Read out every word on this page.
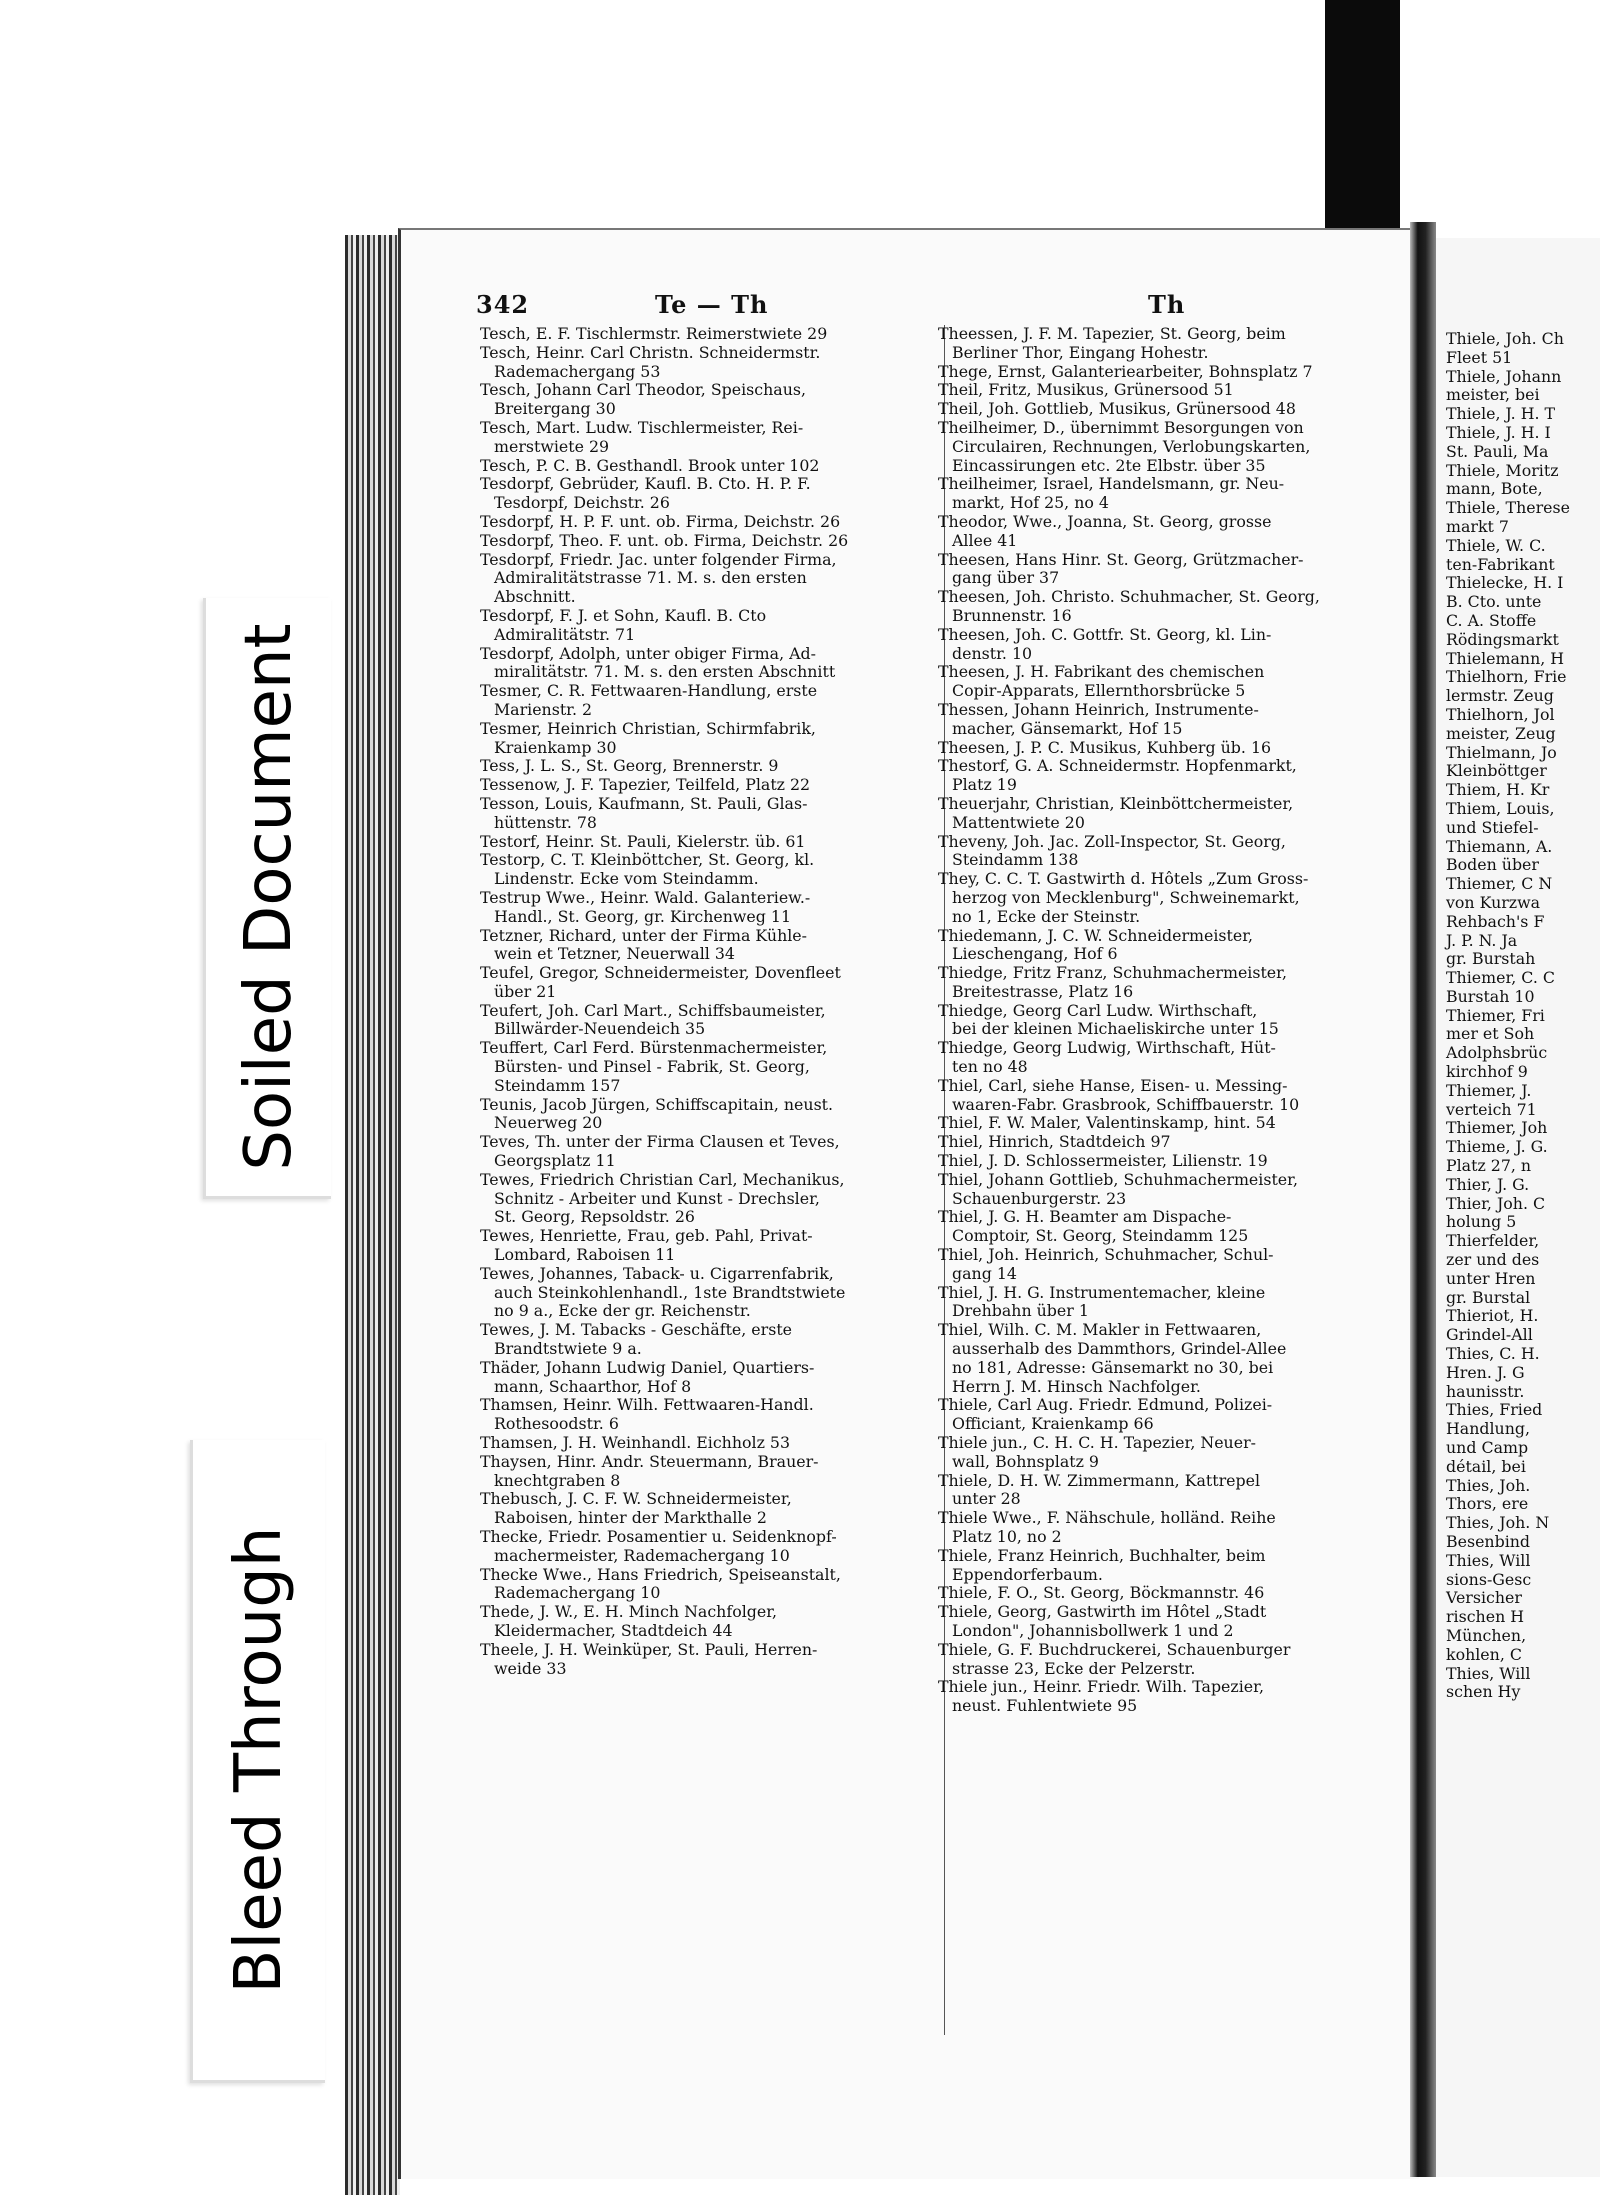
Thiele, Joh. Ch
Fleet 51
Thiele, Johann
meister, bei
Thiele, J. H. T
Thiele, J. H. I
St. Pauli, Ma
Thiele, Moritz
mann, Bote,
Thiele, Therese
markt 7
Thiele, W. C.
ten-Fabrikant
Thielecke, H. I
B. Cto. unte
C. A. Stoffe
Rödingsmarkt
Thielemann, H
Thielhorn, Frie
lermstr. Zeug
Thielhorn, Jol
meister, Zeug
Thielmann, Jo
Kleinböttger
Thiem, H. Kr
Thiem, Louis,
und Stiefel-
Thiemann, A.
Boden über
Thiemer, C N
von Kurzwa
Rehbach's F
J. P. N. Ja
gr. Burstah
Thiemer, C. C
Burstah 10
Thiemer, Fri
mer et Soh
Adolphsbrüc
kirchhof 9
Thiemer, J.
verteich 71
Thiemer, Joh
Thieme, J. G.
Platz 27, n
Thier, J. G.
Thier, Joh. C
holung 5
Thierfelder,
zer und des
unter Hren
gr. Burstal
Thieriot, H.
Grindel-All
Thies, C. H.
Hren. J. G
haunisstr.
Thies, Fried
Handlung,
und Camp
détail, bei
Thies, Joh.
Thors, ere
Thies, Joh. N
Besenbind
Thies, Will
sions-Gesc
Versicher
rischen H
München,
kohlen, C
Thies, Will
schen Hy
Soiled Document
Bleed Through
342	Te — Th	Th
Tesch, E. F. Tischlermstr. Reimerstwiete 29
Tesch, Heinr. Carl Christn. Schneidermstr.
Rademachergang 53
Tesch, Johann Carl Theodor, Speischaus,
Breitergang 30
Tesch, Mart. Ludw. Tischlermeister, Rei-
merstwiete 29
Tesch, P. C. B. Gesthandl. Brook unter 102
Tesdorpf, Gebrüder, Kaufl. B. Cto. H. P. F.
Tesdorpf, Deichstr. 26
Tesdorpf, H. P. F. unt. ob. Firma, Deichstr. 26
Tesdorpf, Theo. F. unt. ob. Firma, Deichstr. 26
Tesdorpf, Friedr. Jac. unter folgender Firma,
Admiralitätstrasse 71. M. s. den ersten
Abschnitt.
Tesdorpf, F. J. et Sohn, Kaufl. B. Cto
Admiralitätstr. 71
Tesdorpf, Adolph, unter obiger Firma, Ad-
miralitätstr. 71. M. s. den ersten Abschnitt
Tesmer, C. R. Fettwaaren-Handlung, erste
Marienstr. 2
Tesmer, Heinrich Christian, Schirmfabrik,
Kraienkamp 30
Tess, J. L. S., St. Georg, Brennerstr. 9
Tessenow, J. F. Tapezier, Teilfeld, Platz 22
Tesson, Louis, Kaufmann, St. Pauli, Glas-
hüttenstr. 78
Testorf, Heinr. St. Pauli, Kielerstr. üb. 61
Testorp, C. T. Kleinböttcher, St. Georg, kl.
Lindenstr. Ecke vom Steindamm.
Testrup Wwe., Heinr. Wald. Galanteriew.-
Handl., St. Georg, gr. Kirchenweg 11
Tetzner, Richard, unter der Firma Kühle-
wein et Tetzner, Neuerwall 34
Teufel, Gregor, Schneidermeister, Dovenfleet
über 21
Teufert, Joh. Carl Mart., Schiffsbaumeister,
Billwärder-Neuendeich 35
Teuffert, Carl Ferd. Bürstenmachermeister,
Bürsten- und Pinsel - Fabrik, St. Georg,
Steindamm 157
Teunis, Jacob Jürgen, Schiffscapitain, neust.
Neuerweg 20
Teves, Th. unter der Firma Clausen et Teves,
Georgsplatz 11
Tewes, Friedrich Christian Carl, Mechanikus,
Schnitz - Arbeiter und Kunst - Drechsler,
St. Georg, Repsoldstr. 26
Tewes, Henriette, Frau, geb. Pahl, Privat-
Lombard, Raboisen 11
Tewes, Johannes, Taback- u. Cigarrenfabrik,
auch Steinkohlenhandl., 1ste Brandtstwiete
no 9 a., Ecke der gr. Reichenstr.
Tewes, J. M. Tabacks - Geschäfte, erste
Brandtstwiete 9 a.
Thäder, Johann Ludwig Daniel, Quartiers-
mann, Schaarthor, Hof 8
Thamsen, Heinr. Wilh. Fettwaaren-Handl.
Rothesoodstr. 6
Thamsen, J. H. Weinhandl. Eichholz 53
Thaysen, Hinr. Andr. Steuermann, Brauer-
knechtgraben 8
Thebusch, J. C. F. W. Schneidermeister,
Raboisen, hinter der Markthalle 2
Thecke, Friedr. Posamentier u. Seidenknopf-
machermeister, Rademachergang 10
Thecke Wwe., Hans Friedrich, Speiseanstalt,
Rademachergang 10
Thede, J. W., E. H. Minch Nachfolger,
Kleidermacher, Stadtdeich 44
Theele, J. H. Weinküper, St. Pauli, Herren-
weide 33
Theessen, J. F. M. Tapezier, St. Georg, beim
Berliner Thor, Eingang Hohestr.
Thege, Ernst, Galanteriearbeiter, Bohnsplatz 7
Theil, Fritz, Musikus, Grünersood 51
Theil, Joh. Gottlieb, Musikus, Grünersood 48
Theilheimer, D., übernimmt Besorgungen von
Circulairen, Rechnungen, Verlobungskarten,
Eincassirungen etc. 2te Elbstr. über 35
Theilheimer, Israel, Handelsmann, gr. Neu-
markt, Hof 25, no 4
Theodor, Wwe., Joanna, St. Georg, grosse
Allee 41
Theesen, Hans Hinr. St. Georg, Grützmacher-
gang über 37
Theesen, Joh. Christo. Schuhmacher, St. Georg,
Brunnenstr. 16
Theesen, Joh. C. Gottfr. St. Georg, kl. Lin-
denstr. 10
Theesen, J. H. Fabrikant des chemischen
Copir-Apparats, Ellernthorsbrücke 5
Thessen, Johann Heinrich, Instrumente-
macher, Gänsemarkt, Hof 15
Theesen, J. P. C. Musikus, Kuhberg üb. 16
Thestorf, G. A. Schneidermstr. Hopfenmarkt,
Platz 19
Theuerjahr, Christian, Kleinböttchermeister,
Mattentwiete 20
Theveny, Joh. Jac. Zoll-Inspector, St. Georg,
Steindamm 138
They, C. C. T. Gastwirth d. Hôtels „Zum Gross-
herzog von Mecklenburg", Schweinemarkt,
no 1, Ecke der Steinstr.
Thiedemann, J. C. W. Schneidermeister,
Lieschengang, Hof 6
Thiedge, Fritz Franz, Schuhmachermeister,
Breitestrasse, Platz 16
Thiedge, Georg Carl Ludw. Wirthschaft,
bei der kleinen Michaeliskirche unter 15
Thiedge, Georg Ludwig, Wirthschaft, Hüt-
ten no 48
Thiel, Carl, siehe Hanse, Eisen- u. Messing-
waaren-Fabr. Grasbrook, Schiffbauerstr. 10
Thiel, F. W. Maler, Valentinskamp, hint. 54
Thiel, Hinrich, Stadtdeich 97
Thiel, J. D. Schlossermeister, Lilienstr. 19
Thiel, Johann Gottlieb, Schuhmachermeister,
Schauenburgerstr. 23
Thiel, J. G. H. Beamter am Dispache-
Comptoir, St. Georg, Steindamm 125
Thiel, Joh. Heinrich, Schuhmacher, Schul-
gang 14
Thiel, J. H. G. Instrumentemacher, kleine
Drehbahn über 1
Thiel, Wilh. C. M. Makler in Fettwaaren,
ausserhalb des Dammthors, Grindel-Allee
no 181, Adresse: Gänsemarkt no 30, bei
Herrn J. M. Hinsch Nachfolger.
Thiele, Carl Aug. Friedr. Edmund, Polizei-
Officiant, Kraienkamp 66
Thiele jun., C. H. C. H. Tapezier, Neuer-
wall, Bohnsplatz 9
Thiele, D. H. W. Zimmermann, Kattrepel
unter 28
Thiele Wwe., F. Nähschule, holländ. Reihe
Platz 10, no 2
Thiele, Franz Heinrich, Buchhalter, beim
Eppendorferbaum.
Thiele, F. O., St. Georg, Böckmannstr. 46
Thiele, Georg, Gastwirth im Hôtel „Stadt
London", Johannisbollwerk 1 und 2
Thiele, G. F. Buchdruckerei, Schauenburger
strasse 23, Ecke der Pelzerstr.
Thiele jun., Heinr. Friedr. Wilh. Tapezier,
neust. Fuhlentwiete 95
